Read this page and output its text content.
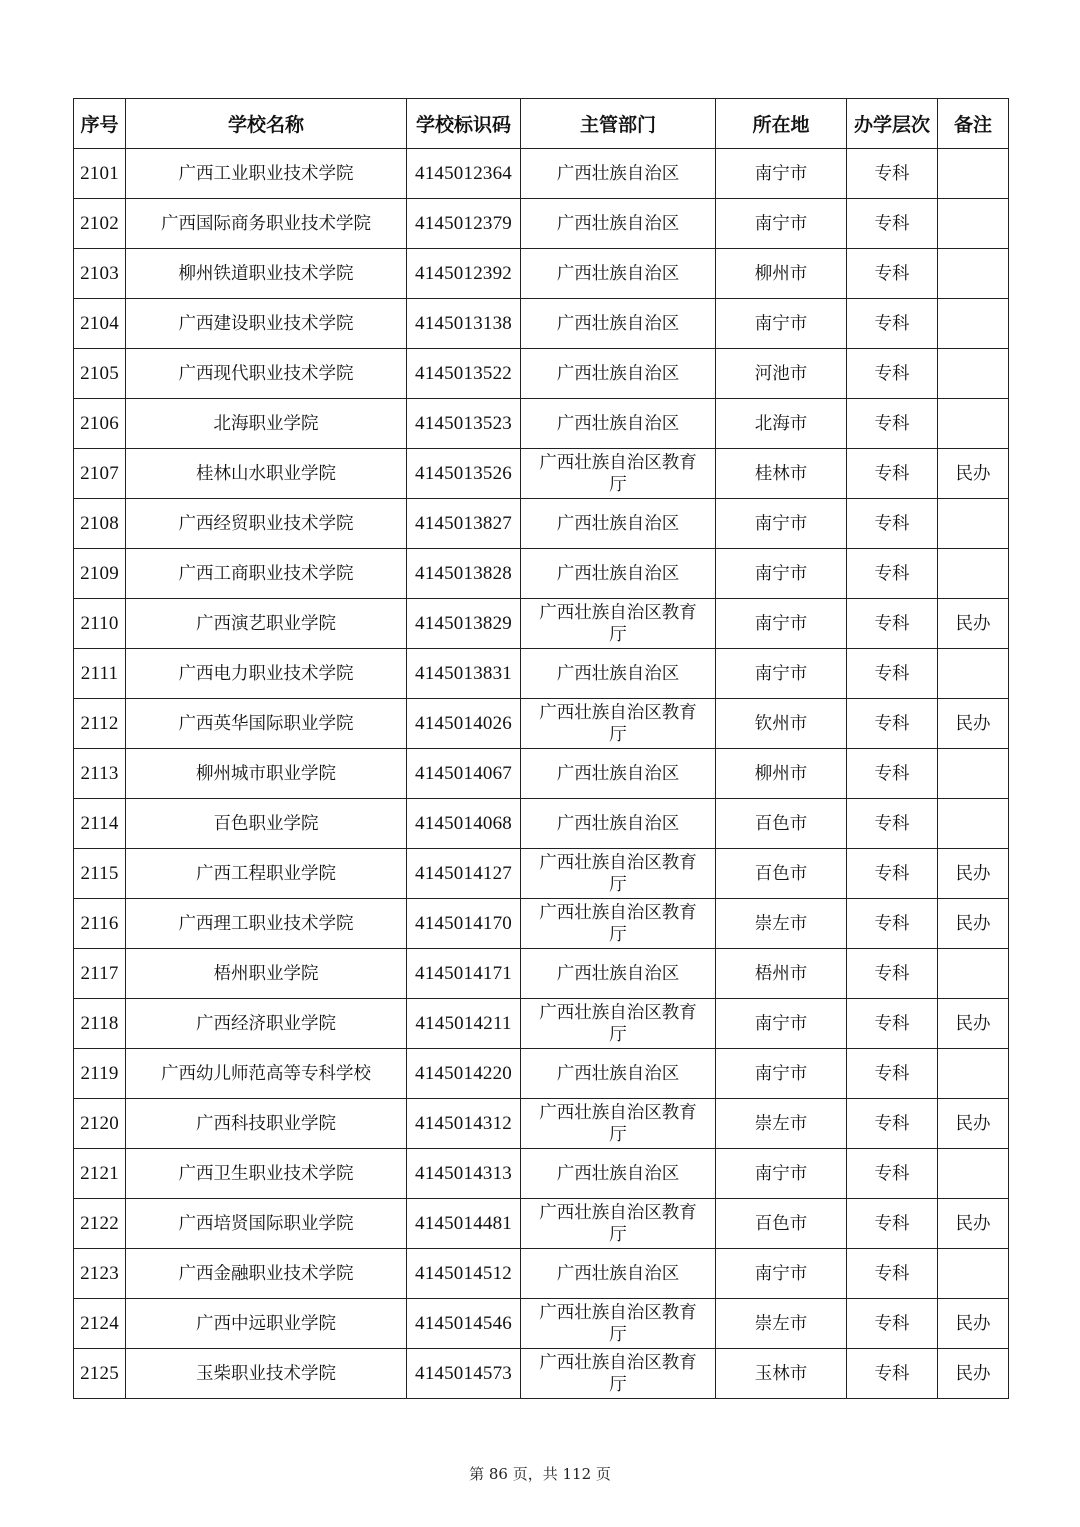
序号	学校名称	学校标识码	主管部门	所在地	办学层次	备注
2101	广西工业职业技术学院	4145012364	广西壮族自治区	南宁市	专科	
2102	广西国际商务职业技术学院	4145012379	广西壮族自治区	南宁市	专科	
2103	柳州铁道职业技术学院	4145012392	广西壮族自治区	柳州市	专科	
2104	广西建设职业技术学院	4145013138	广西壮族自治区	南宁市	专科	
2105	广西现代职业技术学院	4145013522	广西壮族自治区	河池市	专科	
2106	北海职业学院	4145013523	广西壮族自治区	北海市	专科	
2107	桂林山水职业学院	4145013526	广西壮族自治区教育厅	桂林市	专科	民办
2108	广西经贸职业技术学院	4145013827	广西壮族自治区	南宁市	专科	
2109	广西工商职业技术学院	4145013828	广西壮族自治区	南宁市	专科	
2110	广西演艺职业学院	4145013829	广西壮族自治区教育厅	南宁市	专科	民办
2111	广西电力职业技术学院	4145013831	广西壮族自治区	南宁市	专科	
2112	广西英华国际职业学院	4145014026	广西壮族自治区教育厅	钦州市	专科	民办
2113	柳州城市职业学院	4145014067	广西壮族自治区	柳州市	专科	
2114	百色职业学院	4145014068	广西壮族自治区	百色市	专科	
2115	广西工程职业学院	4145014127	广西壮族自治区教育厅	百色市	专科	民办
2116	广西理工职业技术学院	4145014170	广西壮族自治区教育厅	崇左市	专科	民办
2117	梧州职业学院	4145014171	广西壮族自治区	梧州市	专科	
2118	广西经济职业学院	4145014211	广西壮族自治区教育厅	南宁市	专科	民办
2119	广西幼儿师范高等专科学校	4145014220	广西壮族自治区	南宁市	专科	
2120	广西科技职业学院	4145014312	广西壮族自治区教育厅	崇左市	专科	民办
2121	广西卫生职业技术学院	4145014313	广西壮族自治区	南宁市	专科	
2122	广西培贤国际职业学院	4145014481	广西壮族自治区教育厅	百色市	专科	民办
2123	广西金融职业技术学院	4145014512	广西壮族自治区	南宁市	专科	
2124	广西中远职业学院	4145014546	广西壮族自治区教育厅	崇左市	专科	民办
2125	玉柴职业技术学院	4145014573	广西壮族自治区教育厅	玉林市	专科	民办
第 86 页，共 112 页
